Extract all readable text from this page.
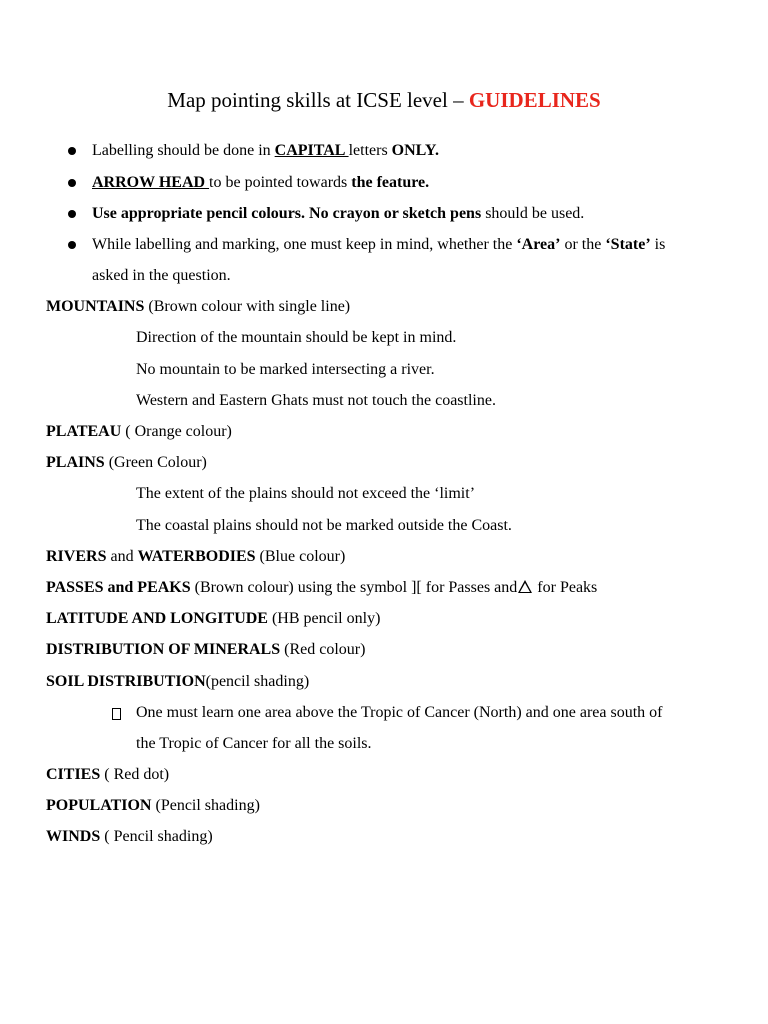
Map pointing skills at ICSE level – GUIDELINES
Labelling should be done in CAPITAL letters ONLY.
ARROW HEAD to be pointed towards the feature.
Use appropriate pencil colours. No crayon or sketch pens should be used.
While labelling and marking, one must keep in mind, whether the ‘Area’ or the ‘State’ is
asked in the question.
MOUNTAINS (Brown colour with single line)
Direction of the mountain should be kept in mind.
No mountain to be marked intersecting a river.
Western and Eastern Ghats must not touch the coastline.
PLATEAU ( Orange colour)
PLAINS (Green Colour)
The extent of the plains should not exceed the ‘limit’
The coastal plains should not be marked outside the Coast.
RIVERS and WATERBODIES (Blue colour)
PASSES and PEAKS (Brown colour) using the symbol ][ for Passes and for Peaks
LATITUDE AND LONGITUDE (HB pencil only)
DISTRIBUTION OF MINERALS (Red colour)
SOIL DISTRIBUTION(pencil shading)
One must learn one area above the Tropic of Cancer (North) and one area south of
the Tropic of Cancer for all the soils.
CITIES ( Red dot)
POPULATION (Pencil shading)
WINDS ( Pencil shading)
